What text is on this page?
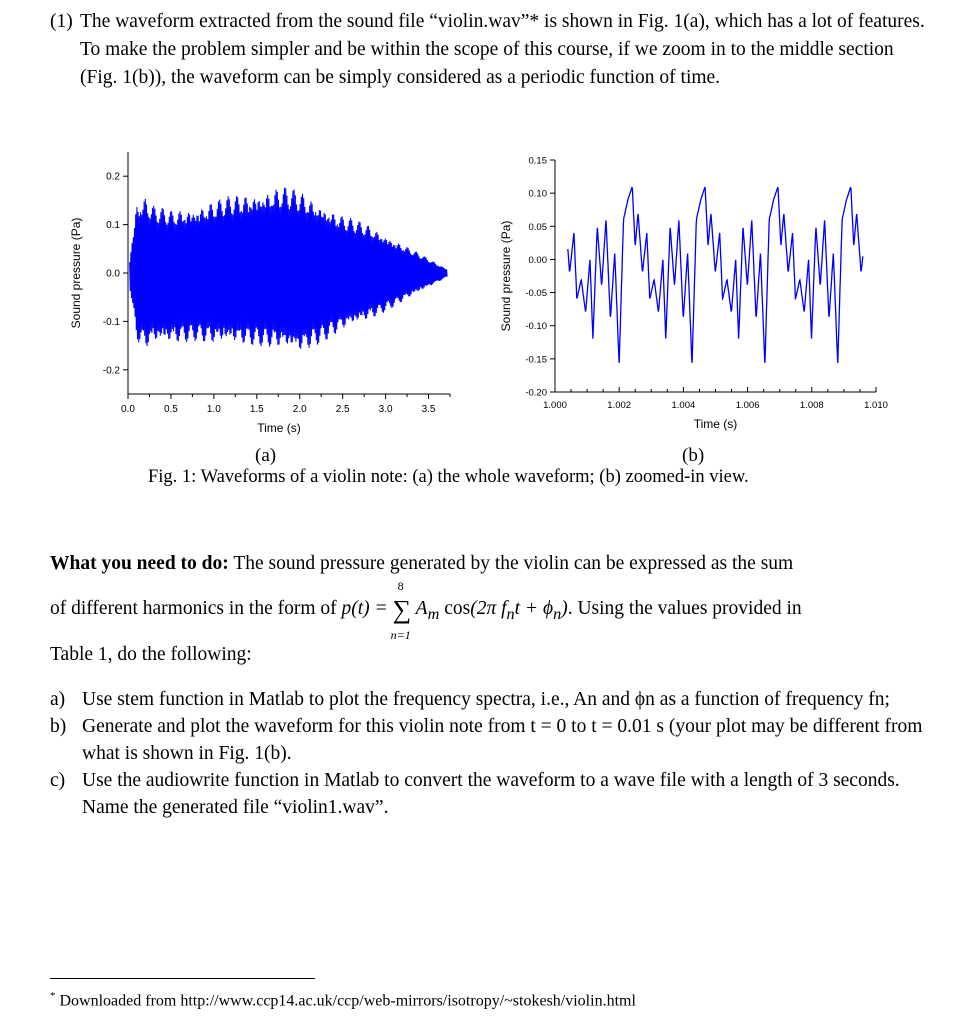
(1) The waveform extracted from the sound file “violin.wav”* is shown in Fig. 1(a), which has a lot of features. To make the problem simpler and be within the scope of this course, if we zoom in to the middle section (Fig. 1(b)), the waveform can be simply considered as a periodic function of time.
0.2
0.1
0.0
-0.1
-0.2
0.0	0.5	1.0	1.5	2.0	2.5	3.0	3.5
Time (s)
Sound pressure (Pa)
0.15
0.10
0.05
0.00
-0.05
-0.10
-0.15
-0.20
1.000	1.002	1.004	1.006	1.008	1.010
Time (s)
Sound pressure (Pa)
(a)	(b)
Fig. 1: Waveforms of a violin note: (a) the whole waveform; (b) zoomed-in view.
What you need to do: The sound pressure generated by the violin can be expressed as the sum
of different harmonics in the form of p(t) = ∑
8
n=1
$A_m$ cos(2π $f_nt + \phi_n$). Using the values provided in
Table 1, do the following:
a) Use stem function in Matlab to plot the frequency spectra, i.e., An and ϕn as a function of frequency fn;
b) Generate and plot the waveform for this violin note from t = 0 to t = 0.01 s (your plot may be different from what is shown in Fig. 1(b).
c) Use the audiowrite function in Matlab to convert the waveform to a wave file with a length of 3 seconds. Name the generated file “violin1.wav”.
* Downloaded from http://www.ccp14.ac.uk/ccp/web-mirrors/isotropy/~stokesh/violin.html
